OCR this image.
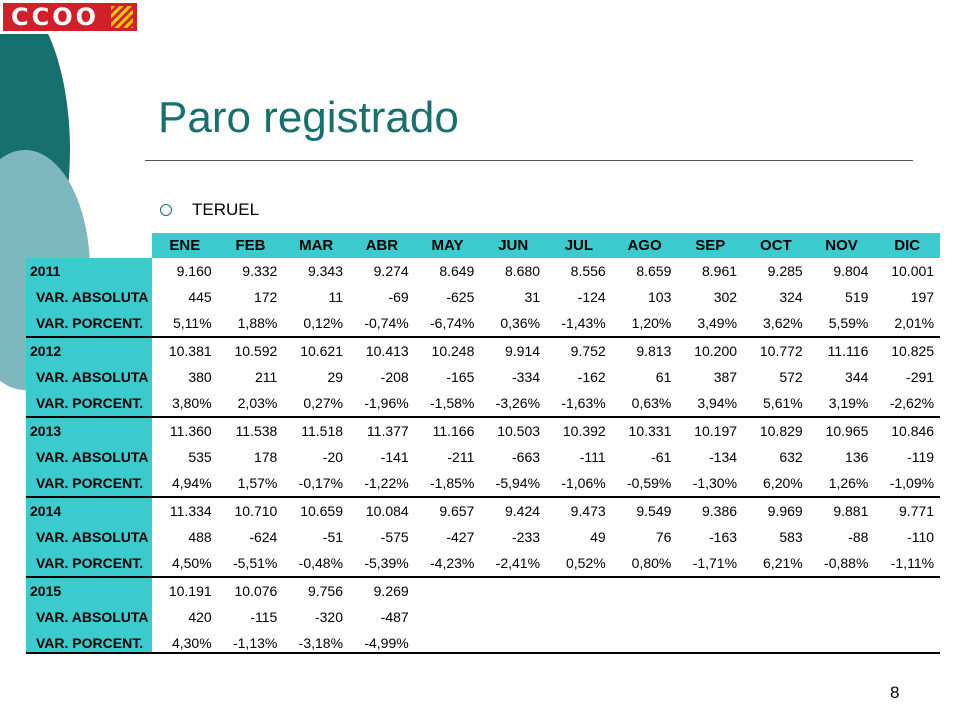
CCOO
Paro registrado
TERUEL
ENE	FEB	MAR	ABR	MAY	JUN	JUL	AGO	SEP	OCT	NOV	DIC
2011	9.160	9.332	9.343	9.274	8.649	8.680	8.556	8.659	8.961	9.285	9.804	10.001
VAR. ABSOLUTA	445	172	11	-69	-625	31	-124	103	302	324	519	197
VAR. PORCENT.	5,11%	1,88%	0,12%	-0,74%	-6,74%	0,36%	-1,43%	1,20%	3,49%	3,62%	5,59%	2,01%
2012	10.381	10.592	10.621	10.413	10.248	9.914	9.752	9.813	10.200	10.772	11.116	10.825
VAR. ABSOLUTA	380	211	29	-208	-165	-334	-162	61	387	572	344	-291
VAR. PORCENT.	3,80%	2,03%	0,27%	-1,96%	-1,58%	-3,26%	-1,63%	0,63%	3,94%	5,61%	3,19%	-2,62%
2013	11.360	11.538	11.518	11.377	11.166	10.503	10.392	10.331	10.197	10.829	10.965	10.846
VAR. ABSOLUTA	535	178	-20	-141	-211	-663	-111	-61	-134	632	136	-119
VAR. PORCENT.	4,94%	1,57%	-0,17%	-1,22%	-1,85%	-5,94%	-1,06%	-0,59%	-1,30%	6,20%	1,26%	-1,09%
2014	11.334	10.710	10.659	10.084	9.657	9.424	9.473	9.549	9.386	9.969	9.881	9.771
VAR. ABSOLUTA	488	-624	-51	-575	-427	-233	49	76	-163	583	-88	-110
VAR. PORCENT.	4,50%	-5,51%	-0,48%	-5,39%	-4,23%	-2,41%	0,52%	0,80%	-1,71%	6,21%	-0,88%	-1,11%
2015	10.191	10.076	9.756	9.269
VAR. ABSOLUTA	420	-115	-320	-487
VAR. PORCENT.	4,30%	-1,13%	-3,18%	-4,99%
8
